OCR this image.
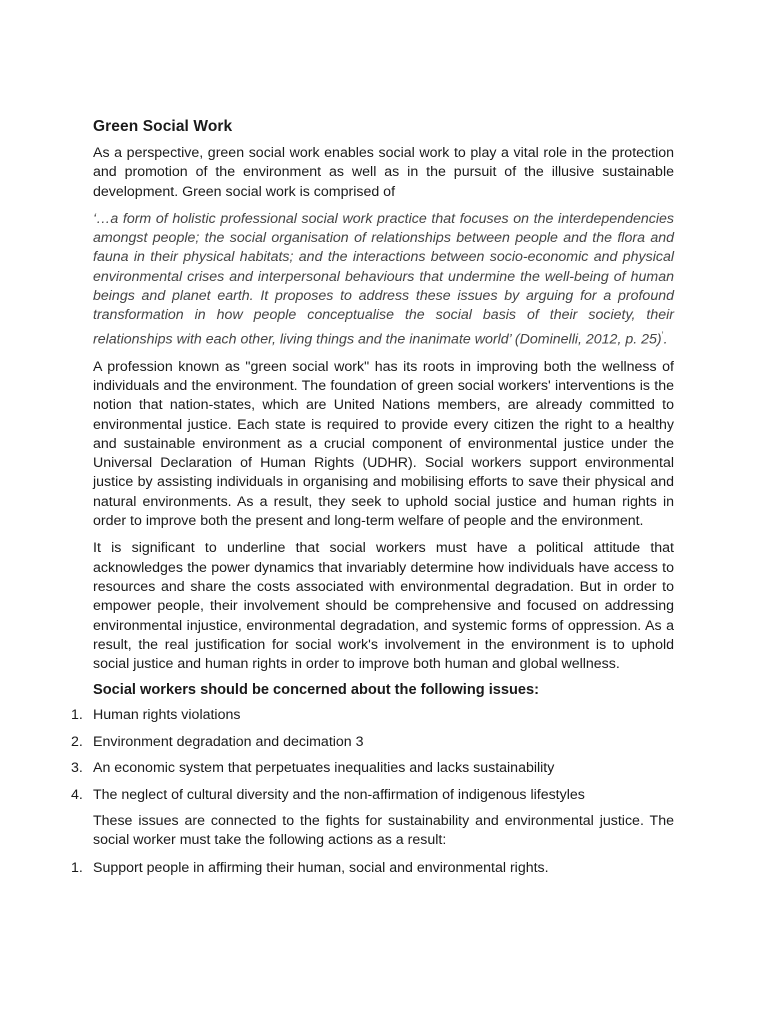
Green Social Work

As a perspective, green social work enables social work to play a vital role in the protection and promotion of the environment as well as in the pursuit of the illusive sustainable development. Green social work is comprised of

‘…a form of holistic professional social work practice that focuses on the interdependencies amongst people; the social organisation of relationships between people and the flora and fauna in their physical habitats; and the interactions between socio-economic and physical environmental crises and interpersonal behaviours that undermine the well-being of human beings and planet earth. It proposes to address these issues by arguing for a profound transformation in how people conceptualise the social basis of their society, their relationships with each other, living things and the inanimate world’ (Dominelli, 2012, p. 25)’.

A profession known as "green social work" has its roots in improving both the wellness of individuals and the environment. The foundation of green social workers' interventions is the notion that nation-states, which are United Nations members, are already committed to environmental justice. Each state is required to provide every citizen the right to a healthy and sustainable environment as a crucial component of environmental justice under the Universal Declaration of Human Rights (UDHR). Social workers support environmental justice by assisting individuals in organising and mobilising efforts to save their physical and natural environments. As a result, they seek to uphold social justice and human rights in order to improve both the present and long-term welfare of people and the environment.

It is significant to underline that social workers must have a political attitude that acknowledges the power dynamics that invariably determine how individuals have access to resources and share the costs associated with environmental degradation. But in order to empower people, their involvement should be comprehensive and focused on addressing environmental injustice, environmental degradation, and systemic forms of oppression. As a result, the real justification for social work's involvement in the environment is to uphold social justice and human rights in order to improve both human and global wellness.

Social workers should be concerned about the following issues:
1. Human rights violations
2. Environment degradation and decimation 3
3. An economic system that perpetuates inequalities and lacks sustainability
4. The neglect of cultural diversity and the non-affirmation of indigenous lifestyles

These issues are connected to the fights for sustainability and environmental justice. The social worker must take the following actions as a result:

1. Support people in affirming their human, social and environmental rights.
